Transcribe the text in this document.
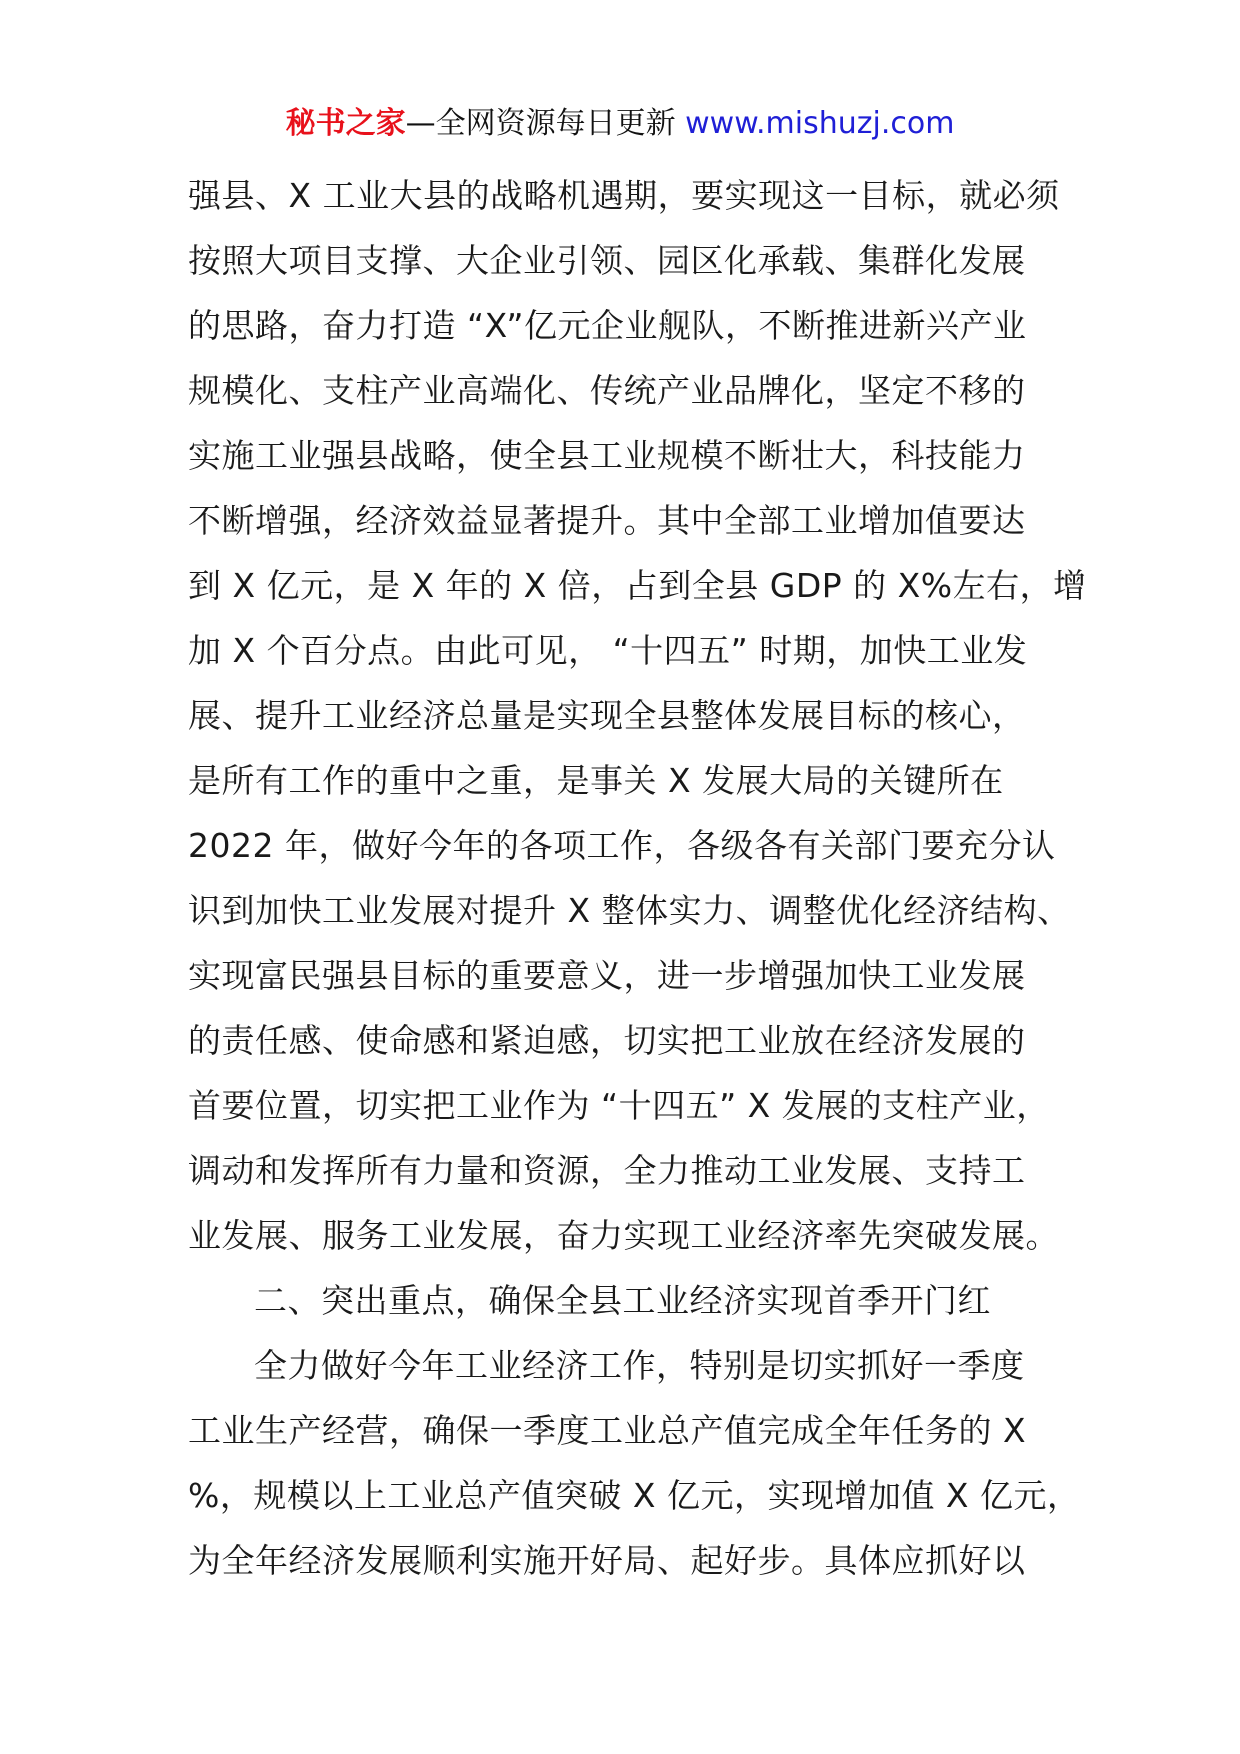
秘书之家—全网资源每日更新 www.mishuzj.com
强县、X 工业大县的战略机遇期，要实现这一目标，就必须
按照大项目支撑、大企业引领、园区化承载、集群化发展
的思路，奋力打造 “X”亿元企业舰队，不断推进新兴产业
规模化、支柱产业高端化、传统产业品牌化，坚定不移的
实施工业强县战略，使全县工业规模不断壮大，科技能力
不断增强，经济效益显著提升。其中全部工业增加值要达
到 X 亿元，是 X 年的 X 倍，占到全县 GDP 的 X%左右，增
加 X 个百分点。由此可见， “十四五” 时期，加快工业发
展、提升工业经济总量是实现全县整体发展目标的核心，
是所有工作的重中之重，是事关 X 发展大局的关键所在
2022 年，做好今年的各项工作，各级各有关部门要充分认
识到加快工业发展对提升 X 整体实力、调整优化经济结构、
实现富民强县目标的重要意义，进一步增强加快工业发展
的责任感、使命感和紧迫感，切实把工业放在经济发展的
首要位置，切实把工业作为 “十四五” X 发展的支柱产业，
调动和发挥所有力量和资源，全力推动工业发展、支持工
业发展、服务工业发展，奋力实现工业经济率先突破发展。
二、突出重点，确保全县工业经济实现首季开门红
全力做好今年工业经济工作，特别是切实抓好一季度
工业生产经营，确保一季度工业总产值完成全年任务的 X
%，规模以上工业总产值突破 X 亿元，实现增加值 X 亿元，
为全年经济发展顺利实施开好局、起好步。具体应抓好以
